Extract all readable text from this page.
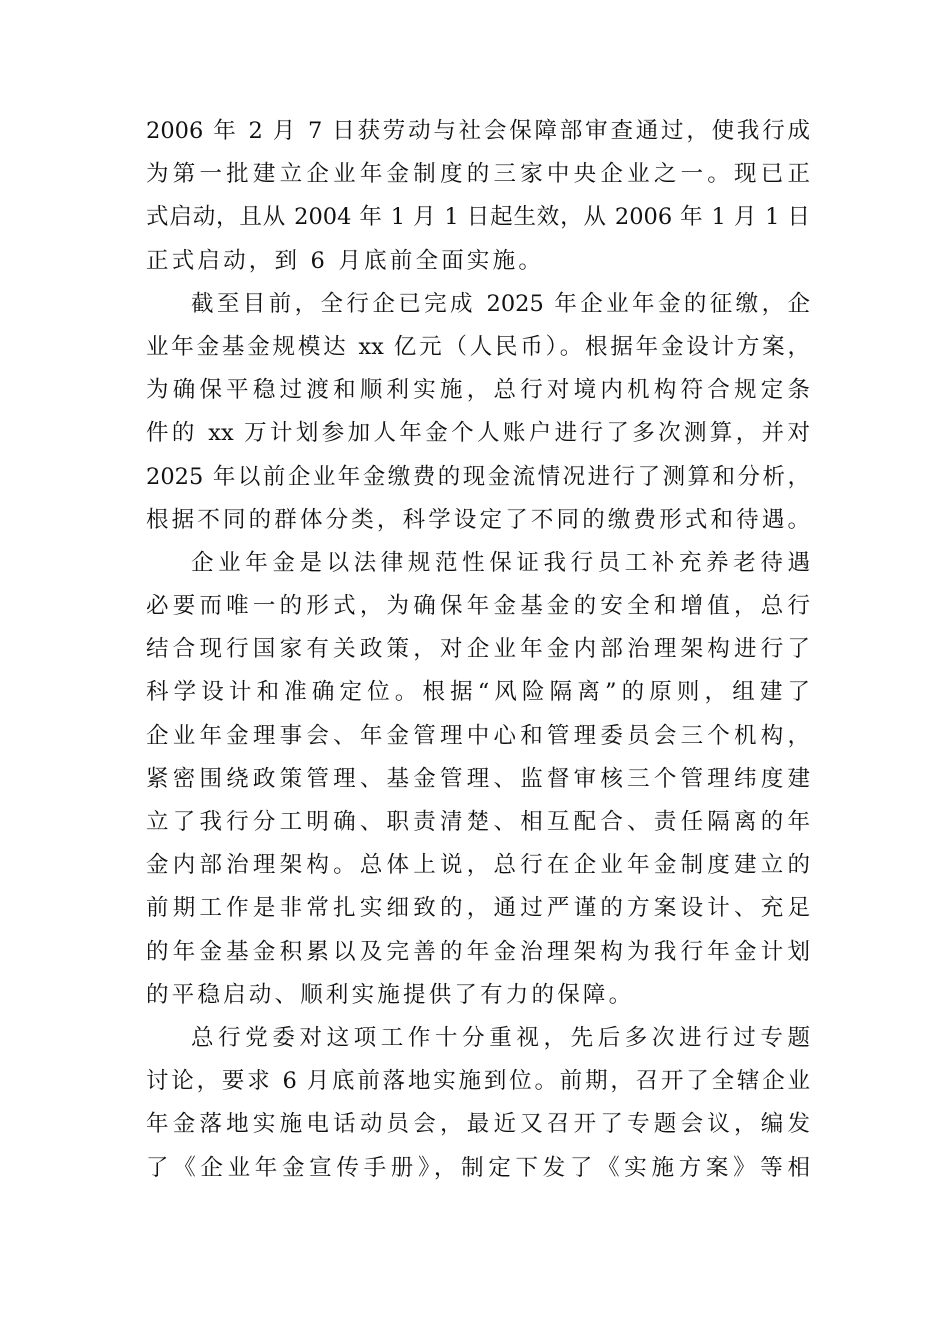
2006 年 2 月 7 日获劳动与社会保障部审查通过，使我行成
为第一批建立企业年金制度的三家中央企业之一。现已正
式启动，且从 2004 年 1 月 1 日起生效，从 2006 年 1 月 1 日
正式启动，到 6 月底前全面实施。
截至目前，全行企已完成 2025 年企业年金的征缴，企
业年金基金规模达 xx 亿元（人民币）。根据年金设计方案，
为确保平稳过渡和顺利实施，总行对境内机构符合规定条
件的 xx 万计划参加人年金个人账户进行了多次测算，并对
2025 年以前企业年金缴费的现金流情况进行了测算和分析，
根据不同的群体分类，科学设定了不同的缴费形式和待遇。
企业年金是以法律规范性保证我行员工补充养老待遇
必要而唯一的形式，为确保年金基金的安全和增值，总行
结合现行国家有关政策，对企业年金内部治理架构进行了
科学设计和准确定位。根据“风险隔离”的原则，组建了
企业年金理事会、年金管理中心和管理委员会三个机构，
紧密围绕政策管理、基金管理、监督审核三个管理纬度建
立了我行分工明确、职责清楚、相互配合、责任隔离的年
金内部治理架构。总体上说，总行在企业年金制度建立的
前期工作是非常扎实细致的，通过严谨的方案设计、充足
的年金基金积累以及完善的年金治理架构为我行年金计划
的平稳启动、顺利实施提供了有力的保障。
总行党委对这项工作十分重视，先后多次进行过专题
讨论，要求 6 月底前落地实施到位。前期，召开了全辖企业
年金落地实施电话动员会，最近又召开了专题会议，编发
了《企业年金宣传手册》，制定下发了《实施方案》等相
